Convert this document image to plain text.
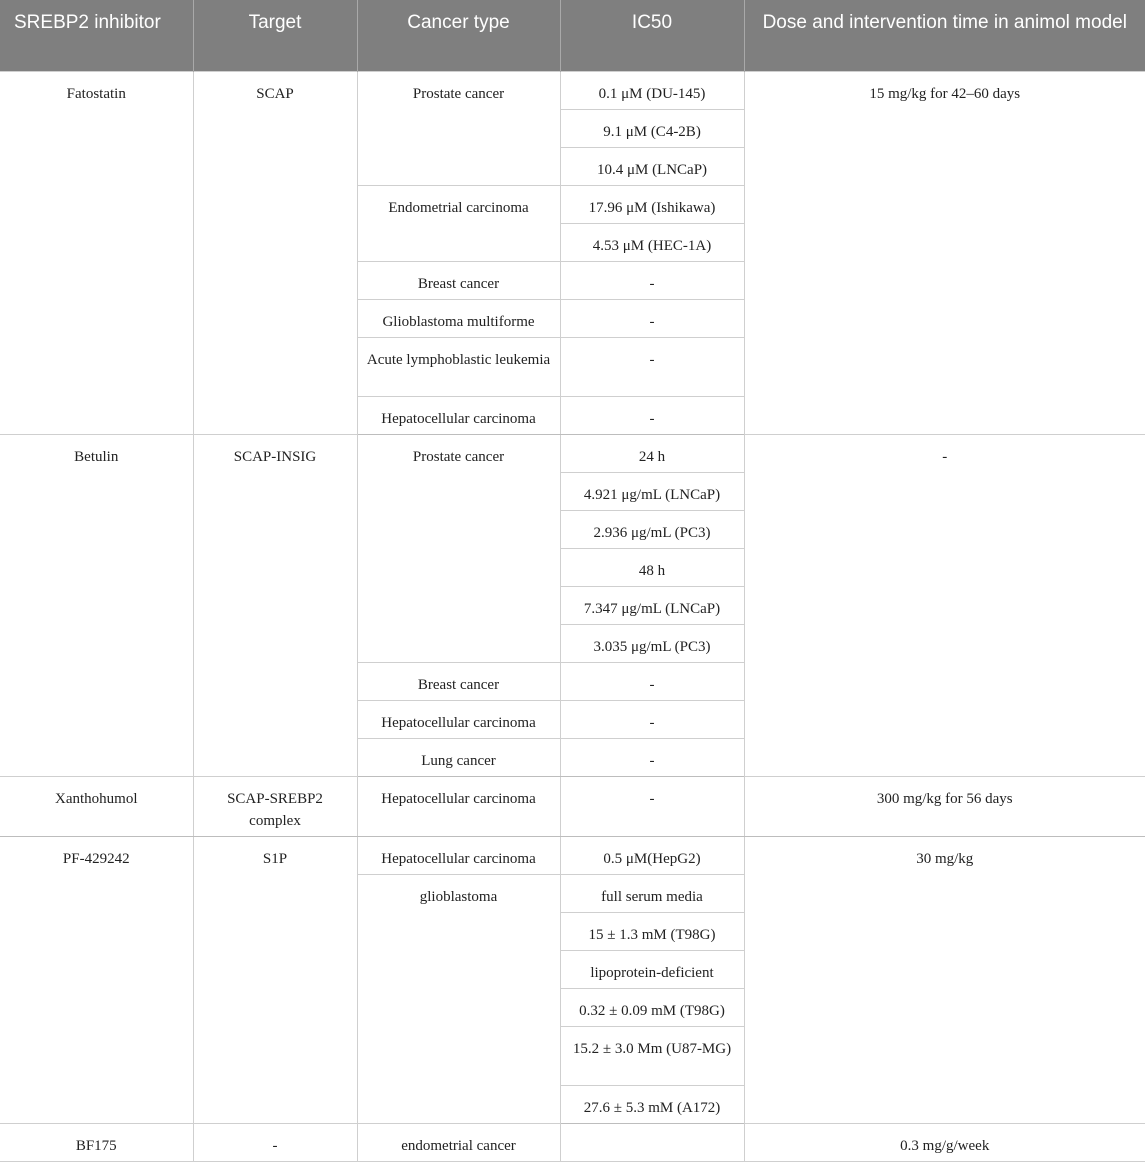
SREBP2 inhibitor	Target	Cancer type	IC50	Dose and intervention time in animol model
Fatostatin	SCAP	Prostate cancer	0.1 μM (DU-145)	15 mg/kg for 42–60 days
			9.1 μM (C4-2B)	
			10.4 μM (LNCaP)	
		Endometrial carcinoma	17.96 μM (Ishikawa)	
			4.53 μM (HEC-1A)	
		Breast cancer	-	
		Glioblastoma multiforme	-	
		Acute lymphoblastic leukemia	-	
		Hepatocellular carcinoma	-	
Betulin	SCAP-INSIG	Prostate cancer	24 h	-
			4.921 μg/mL (LNCaP)	
			2.936 μg/mL (PC3)	
			48 h	
			7.347 μg/mL (LNCaP)	
			3.035 μg/mL (PC3)	
		Breast cancer	-	
		Hepatocellular carcinoma	-	
		Lung cancer	-	
Xanthohumol	SCAP-SREBP2 complex	Hepatocellular carcinoma	-	300 mg/kg for 56 days
PF-429242	S1P	Hepatocellular carcinoma	0.5 μM(HepG2)	30 mg/kg
		glioblastoma	full serum media	
			15 ± 1.3 mM (T98G)	
			lipoprotein-deficient	
			0.32 ± 0.09 mM (T98G)	
			15.2 ± 3.0 Mm (U87-MG)	
			27.6 ± 5.3 mM (A172)	
BF175	-	endometrial cancer		0.3 mg/g/week
